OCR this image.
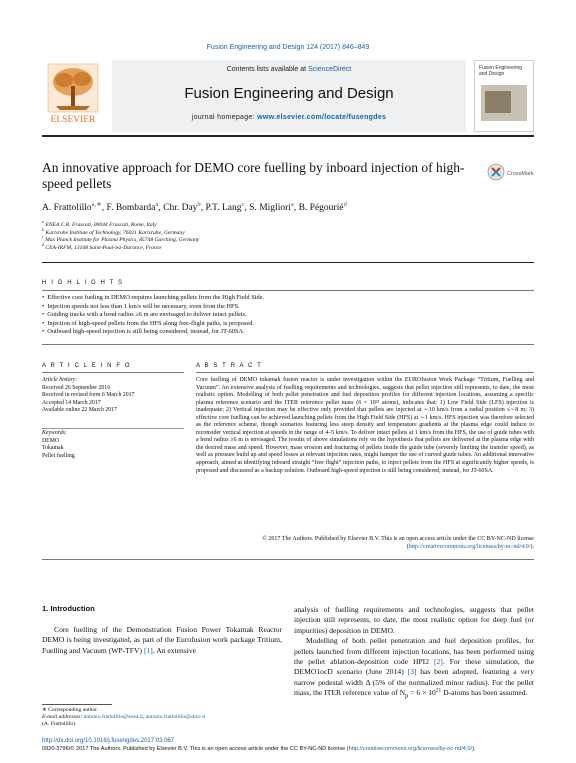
Fusion Engineering and Design 124 (2017) 846–849
ELSEVIER
Contents lists available at ScienceDirect
Fusion Engineering and Design
journal homepage: www.elsevier.com/locate/fusengdes
Fusion Engineering and Design
An innovative approach for DEMO core fuelling by inboard injection of high-speed pellets
CrossMark
A. Frattolillo$^{a,∗}$, F. Bombarda$^a$, Chr. Day$^b$, P.T. Lang$^c$, S. Migliori$^a$, B. Pégourié$^d$
$^a$ ENEA C.R. Frascati, 00044 Frascati, Rome, Italy
$^b$ Karlsruhe Institute of Technology, 76021 Karlsruhe, Germany
$^c$ Max Planck Institute for Plasma Physics, 85748 Garching, Germany
$^d$ CEA-IRFM, 13108 Saint-Paul-lez-Durance, France
H I G H L I G H T S
• Effective core fueling in DEMO requires launching pellets from the High Field Side.
• Injection speeds not less than 1 km/s will be necessary, even from the HFS.
• Guiding tracks with a bend radius ≥6 m are envisaged to deliver intact pellets.
• Injection of high-speed pellets from the HFS along free-flight paths, is proposed.
• Outboard high-speed injection is still being considered, instead, for JT-60SA.
A R T I C L E I N F O	A B S T R A C T
Article history:
Received 26 September 2016
Received in revised form 6 March 2017
Accepted 14 March 2017
Available online 22 March 2017
Keywords:
DEMO
Tokamak
Pellet fuelling
Core fuelling of DEMO tokamak fusion reactor is under investigation within the EUROfusion Work Package “Tritium, Fuelling and Vacuum”. An extensive analysis of fuelling requirements and technologies, suggests that pellet injection still represents, to date, the most realistic option. Modelling of both pellet penetration and fuel deposition profiles for different injection locations, assuming a specific plasma reference scenario and the ITER reference pellet mass (6 × 10²¹ atoms), indicates that: 1) Low Field Side (LFS) injection is inadequate; 2) Vertical injection may be effective only provided that pellets are injected at ∼10 km/s from a radial position ≤∼8 m; 3) effective core fuelling can be achieved launching pellets from the High Field Side (HFS) at ∼1 km/s. HFS injection was therefore selected as the reference scheme, though scenarios featuring less steep density and temperature gradients at the plasma edge could induce to reconsider vertical injection at speeds in the range of 4–5 km/s. To deliver intact pellets at 1 km/s from the HFS, the use of guide tubes with a bend radius ≥6 m is envisaged. The results of above simulations rely on the hypothesis that pellets are delivered at the plasma edge with the desired mass and speed. However, mass erosion and fracturing of pellets inside the guide tube (severely limiting the transfer speed), as well as pressure build up and speed losses at relevant injection rates, might hamper the use of curved guide tubes. An additional innovative approach, aimed at identifying inboard straight “free flight” injection paths, to inject pellets from the HFS at significantly higher speeds, is proposed and discussed as a backup solution. Outboard high-speed injection is still being considered, instead, for JT-60SA.
© 2017 The Authors. Published by Elsevier B.V. This is an open access article under the CC BY-NC-ND license (http://creativecommons.org/licenses/by-nc-nd/4.0/).
1. Introduction
Core fuelling of the Demonstration Fusion Power Tokamak Reactor DEMO is being investigated, as part of the Eurofusion work package Tritium, Fuelling and Vacuum (WP-TFV) [1]. An extensive

analysis of fuelling requirements and technologies, suggests that pellet injection still represents, to date, the most realistic option for deep fuel (or impurities) deposition in DEMO.

Modelling of both pellet penetration and fuel deposition profiles, for pellets launched from different injection locations, has been performed using the pellet ablation-deposition code HPI2 [2]. For these simulation, the DEMO1ocD scenario (June 2014) [3] has been adopted, featuring a very narrow pedestal width Δ (5% of the normalized minor radius). For the pellet mass, the ITER reference value of $N_p = 6 \times 10^{21}$ D-atoms has been assumed.

∗ Corresponding author.
E-mail addresses: antonio.frattolillo@enea.it, antonio.frattolillo@alice.it
(A. Frattolillo).
http://dx.doi.org/10.1016/j.fusengdes.2017.03.067
0920-3796/© 2017 The Authors. Published by Elsevier B.V. This is an open access article under the CC BY-NC-ND license (http://creativecommons.org/licenses/by-nc-nd/4.0/).
